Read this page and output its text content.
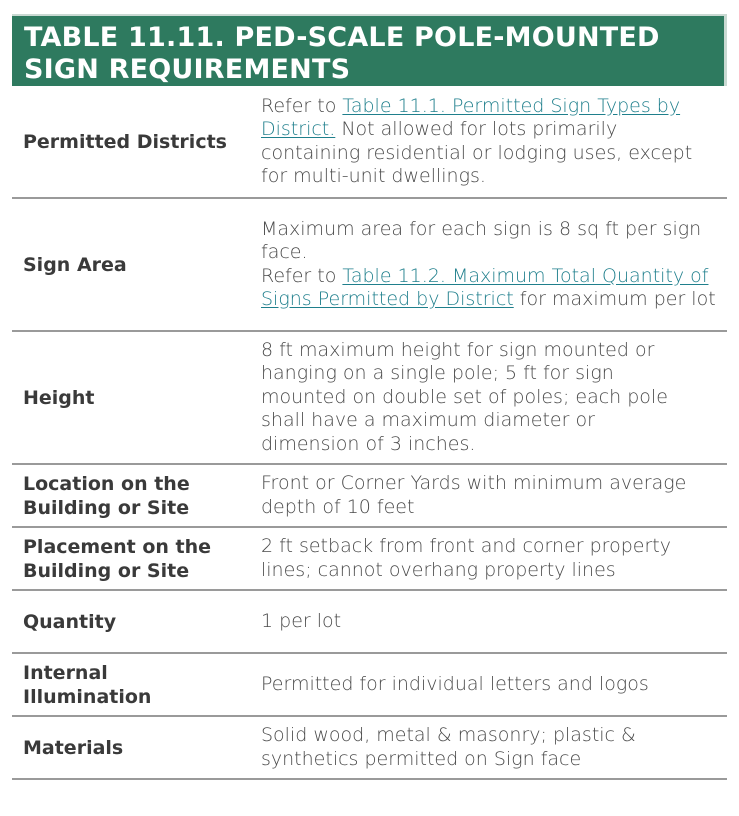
TABLE 11.11. PED-SCALE POLE-MOUNTED
SIGN REQUIREMENTS
Permitted Districts
Refer to Table 11.1. Permitted Sign Types by District. Not allowed for lots primarily containing residential or lodging uses, except for multi-unit dwellings.
Sign Area
Maximum area for each sign is 8 sq ft per sign face.
Refer to Table 11.2. Maximum Total Quantity of Signs Permitted by District for maximum per lot
Height
8 ft maximum height for sign mounted or hanging on a single pole; 5 ft for sign mounted on double set of poles; each pole shall have a maximum diameter or dimension of 3 inches.
Location on the
Building or Site
Front or Corner Yards with minimum average depth of 10 feet
Placement on the
Building or Site
2 ft setback from front and corner property lines; cannot overhang property lines
Quantity	1 per lot
Internal
Illumination
Permitted for individual letters and logos
Materials
Solid wood, metal & masonry; plastic & synthetics permitted on Sign face
